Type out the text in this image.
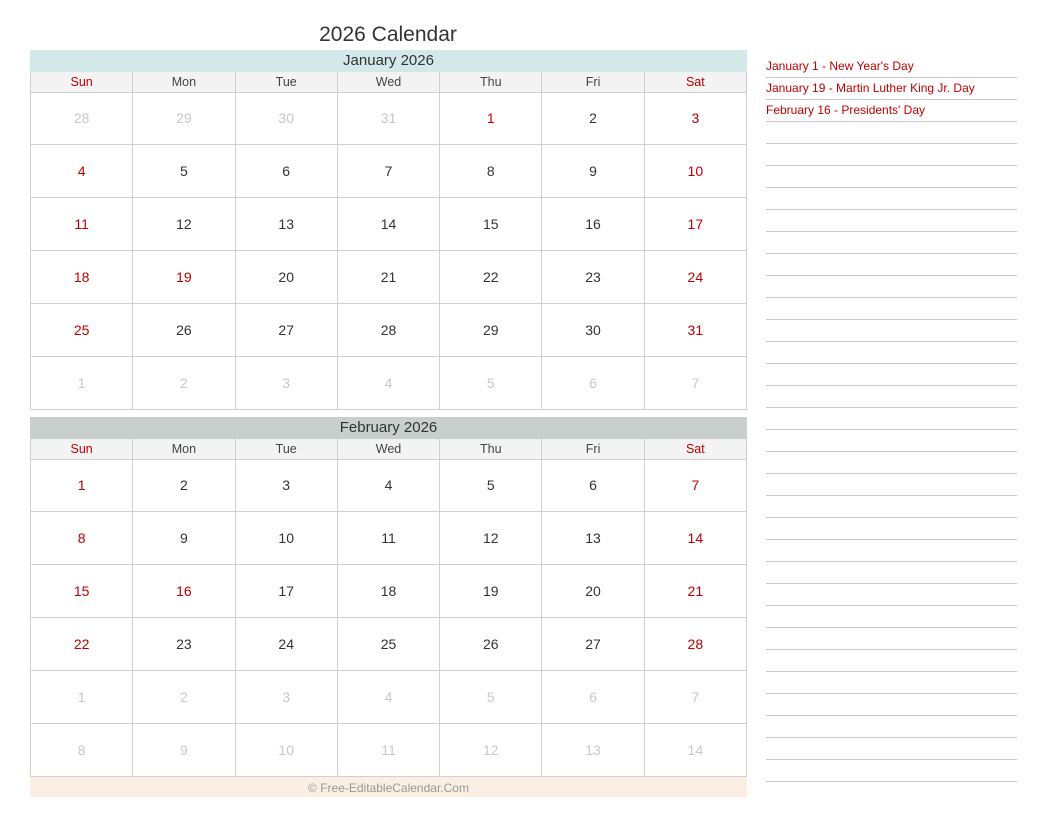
2026 Calendar
January 2026
Sun	Mon	Tue	Wed	Thu	Fri	Sat
28	29	30	31	1	2	3
4	5	6	7	8	9	10
11	12	13	14	15	16	17
18	19	20	21	22	23	24
25	26	27	28	29	30	31
1	2	3	4	5	6	7
February 2026
Sun	Mon	Tue	Wed	Thu	Fri	Sat
1	2	3	4	5	6	7
8	9	10	11	12	13	14
15	16	17	18	19	20	21
22	23	24	25	26	27	28
1	2	3	4	5	6	7
8	9	10	11	12	13	14
© Free-EditableCalendar.Com
January 1 - New Year's Day
January 19 - Martin Luther King Jr. Day
February 16 - Presidents' Day
